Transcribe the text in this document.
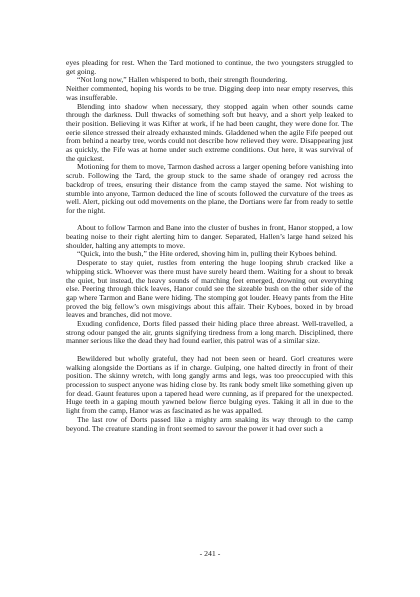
eyes pleading for rest. When the Tard motioned to continue, the two youngsters struggled to get going.

“Not long now,” Hallen whispered to both, their strength floundering.

Neither commented, hoping his words to be true. Digging deep into near empty reserves, this was insufferable.

Blending into shadow when necessary, they stopped again when other sounds came through the darkness. Dull thwacks of something soft but heavy, and a short yelp leaked to their position. Believing it was Kifter at work, if he had been caught, they were done for. The eerie silence stressed their already exhausted minds. Gladdened when the agile Fife peeped out from behind a nearby tree, words could not describe how relieved they were. Disappearing just as quickly, the Fife was at home under such extreme conditions. Out here, it was survival of the quickest.

Motioning for them to move, Tarmon dashed across a larger opening before vanishing into scrub. Following the Tard, the group stuck to the same shade of orangey red across the backdrop of trees, ensuring their distance from the camp stayed the same. Not wishing to stumble into anyone, Tarmon deduced the line of scouts followed the curvature of the trees as well. Alert, picking out odd movements on the plane, the Dortians were far from ready to settle for the night.

About to follow Tarmon and Bane into the cluster of bushes in front, Hanor stopped, a low beating noise to their right alerting him to danger. Separated, Hallen’s large hand seized his shoulder, halting any attempts to move.

“Quick, into the bush,” the Hite ordered, shoving him in, pulling their Kyboes behind.

Desperate to stay quiet, rustles from entering the huge looping shrub cracked like a whipping stick. Whoever was there must have surely heard them. Waiting for a shout to break the quiet, but instead, the heavy sounds of marching feet emerged, drowning out everything else. Peering through thick leaves, Hanor could see the sizeable bush on the other side of the gap where Tarmon and Bane were hiding. The stomping got louder. Heavy pants from the Hite proved the big fellow’s own misgivings about this affair. Their Kyboes, boxed in by broad leaves and branches, did not move.

Exuding confidence, Dorts filed passed their hiding place three abreast. Well-travelled, a strong odour panged the air, grunts signifying tiredness from a long march. Disciplined, there manner serious like the dead they had found earlier, this patrol was of a similar size.

Bewildered but wholly grateful, they had not been seen or heard. Gorl creatures were walking alongside the Dortians as if in charge. Gulping, one halted directly in front of their position. The skinny wretch, with long gangly arms and legs, was too preoccupied with this procession to suspect anyone was hiding close by. Its rank body smelt like something given up for dead. Gaunt features upon a tapered head were cunning, as if prepared for the unexpected. Huge teeth in a gaping mouth yawned below fierce bulging eyes. Taking it all in due to the light from the camp, Hanor was as fascinated as he was appalled.

The last row of Dorts passed like a mighty arm snaking its way through to the camp beyond. The creature standing in front seemed to savour the power it had over such a

- 241 -
